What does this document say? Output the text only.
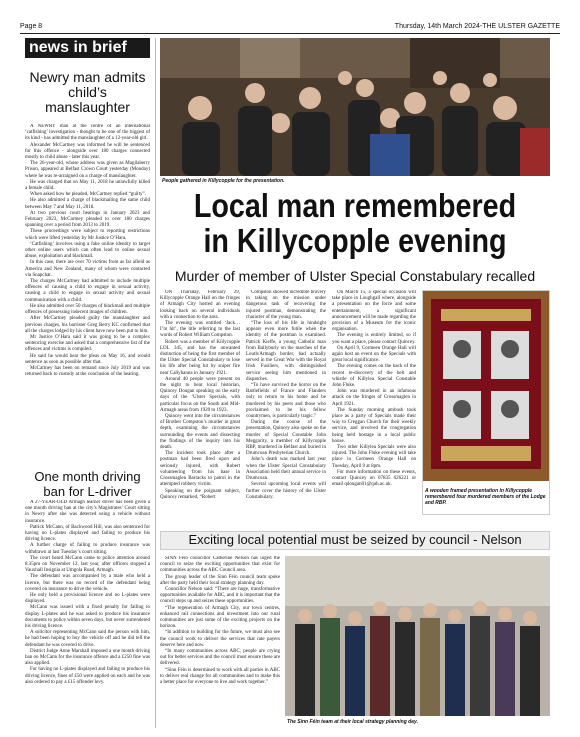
Page 8	Thursday, 14th March 2024-THE ULSTER GAZETTE
news in brief
Newry man admits child’s manslaughter

A NEWRY man at the centre of an international ‘catfishing’ investigation - thought to be one of the biggest of its kind - has admitted the manslaughter of a 12-year-old girl.

Alexander McCartney was informed he will be sentenced for this offence - alongside over 180 charges connected mostly to child abuse - later this year.

The 26-year-old, whose address was given as Magilaberry Prison, appeared at Belfast Crown Court yesterday (Monday) where he was re-arraigned on a charge of manslaughter.

He was charged that on May 11, 2018 he unlawfully killed a female child.

When asked how he pleaded, McCartney replied “guilty”.

He also admitted a charge of blackmailing the same child between May 7 and May 11, 2018.

At two previous court hearings in January 2023 and February 2023, McCartney pleaded to over 180 charges spanning over a period from 2013 to 2019.

These proceedings were subject to reporting restrictions which were lifted yesterday by Mr Justice O’Hara.

‘Catfishing’ involves using a fake online identity to target other online users which can often lead to online sexual abuse, exploitation and blackmail.

In this case, there are over 70 victims from as far afield as America and New Zealand, many of whom were contacted via Snapchat.

The charges McCartney had admitted to include multiple offences of causing a child to engage in sexual activity, causing a child to engage in sexual activity and sexual communication with a child.

He also admitted over 50 charges of blackmail and multiple offences of possessing indecent images of children.

After McCartney pleaded guilty the manslaughter and previous charges, his barrister Greg Berry KC confirmed that all the charges lodged by his client have now been put to him.

Mr Justice O’Hara said it was going to be a complex sentencing exercise and asked that a comprehensive list of the offences and victims is compiled.

He said he would hear the pleas on May 16, and would sentence as soon as possible after that.

McCartney has been on remand since July 2019 and was returned back to custody at the conclusion of the hearing.

One month driving ban for L-driver

A 27-YEAR-OLD Armagh learner driver has been given a one month driving ban at the city’s Magistrates’ Court sitting in Newry after she was detected using a vehicle without insurance.

Patrick McCann, of Bachwood Hill, was also sentenced for having no L-plates displayed and failing to produce his driving licence.

A further charge of failing to produce insurance was withdrawn at last Tuesday’s court sitting.

The court heard McCann came to police attention around 8.35pm on November 12, last year, after officers stopped a Vauxhall Insignia at Umgola Road, Armagh.

The defendant was accompanied by a male who held a licence, but there was no record of the defendant being covered on insurance to drive the vehicle.

He only held a provisional licence and no L-plates were displayed.

McCann was issued with a fixed penalty for failing to display L-plates and he was asked to produce his insurance documents to police within seven days, but never surrendered his driving licence.

A solicitor representing McCann said the person with him, he had been hoping to buy the vehicle off and he did tell the defendant he was covered to drive.

District Judge Anne Marshall imposed a one month driving ban on McCann for the insurance offence and a £250 fine was also applied.

For having no L-plates displayed and failing to produce his driving licence, fines of £50 were applied on each and he was also ordered to pay a £15 offender levy.

People gathered in Killycopple for the presentation.
Local man remembered in Killycopple evening
Murder of member of Ulster Special Constabulary recalled

ON Thursday, February 29, Killycopple Orange Hall on the fringes of Armagh City hosted an evening looking back on several individuals with a connection to the area.

The evening was entitled ‘Jack… I’m hit’, the title referring to the last words of Robert William Compston.

Robert was a member of Killycopple LOL 345, and has the unwanted distinction of being the first member of the Ulster Special Constabulary to lose his life after being hit by sniper fire near Callyhanna in January 1921.

Around 40 people were present on the night to hear local historian, Quincey Dougan speaking on the early days of the ‘Ulster Specials, with particular focus on the South and Mid-Armagh areas from 1920 to 1923.

Quincey went into the circumstances of Brother Compston’s murder in great depth, examining the circumstances surrounding the events and dissecting the findings of the inquiry into his death.

The incident took place after a postman had been fired upon and seriously injured, with Robert volunteering from his base in Crossmaglen Barracks to patrol in the attempted robbery victim.

Speaking on the poignant subject, Quincey remarked, “Robert

Compston showed incredible bravery in taking on the mission under dangerous task of recovering the injured postman, demonstrating the character of the young man.

“The loss of his life in hindsight appears even more futile when the identity of the postman is examined. Patrick Kieffe, a young Catholic man from Ballyburly on the marches of the Louth/Armagh border, had actually served in the Great War with the Royal Irish Fusiliers, with distinguished service seeing him mentioned in dispatches.

“To have survived the horror on the Battlefields of France and Flanders only to return to his home and be murdered by his peers and those who proclaimed to be his fellow countrymen, is particularly tragic.”

During the course of the presentation, Quincey also spoke on the murder of Special Constable John Meggarity, a member of Killycopple RBP, murdered in Belfast and buried in Drumcoan Presbyterian Church.

John’s death was marked last year when the Ulster Special Constabulary Association held their annual service in Drumcoan.

Several upcoming local events will further cover the history of the Ulster Constabulary.

On March 15, a special occasion will take place in Loughgall where, alongside a presentation on the force and some entertainment, a significant announcement will be made regarding the provision of a Museum for the iconic organisation.

The evening is entirely limited, so if you want a place, please contact Quincey.

On April 9, Cormeen Orange Hall will again host an event on the Specials with great local significance.

The evening comes on the back of the recent re-discovery of the belt and whistle of Killylea Special Constable John Fluke.

John was murdered in an infamous attack on the fringes of Crossmaglen in April 1921.

The Sunday morning ambush took place as a party of Specials made their way to Creggan Church for their weekly service, and involved the congregation being held hostage in a local public house.

Two other Killylea Specials were also injured. The John Fluke evening will take place in Cormeen Orange Hall on Tuesday, April 9 at 8pm.

For more information on these events, contact Quincey on 07835 626221 or email qdougan01@qub.ac.uk.

A wooden framed presentation in Killycopple remembered four murdered members of the Lodge and RBP.
Exciting local potential must be seized by council - Nelson

SINN Féin councillor Catherine Nelson has urged the council to seize the exciting opportunities that exist for communities across the ABC Council area.

The group leader of the Sinn Féin council team spoke after the party held their local strategy planning day.

Councillor Nelson said: “There are huge, transformative opportunities available for ABC, and it is important that the council steps up and seizes these opportunities.

“The regeneration of Armagh City, our town centres, enhanced rail connections and investment into our rural communities are just some of the exciting projects on the horizon.

“In addition to building for the future, we must also see the council work to deliver the services that rate payers deserve here and now.

“In many communities across ABC, people are crying out for better services and the council must ensure these are delivered.

“Sinn Féin is determined to work with all parties in ABC to deliver real change for all communities and to make this a better place for everyone to live and work together.”

The Sinn Féin team at their local strategy planning day.
